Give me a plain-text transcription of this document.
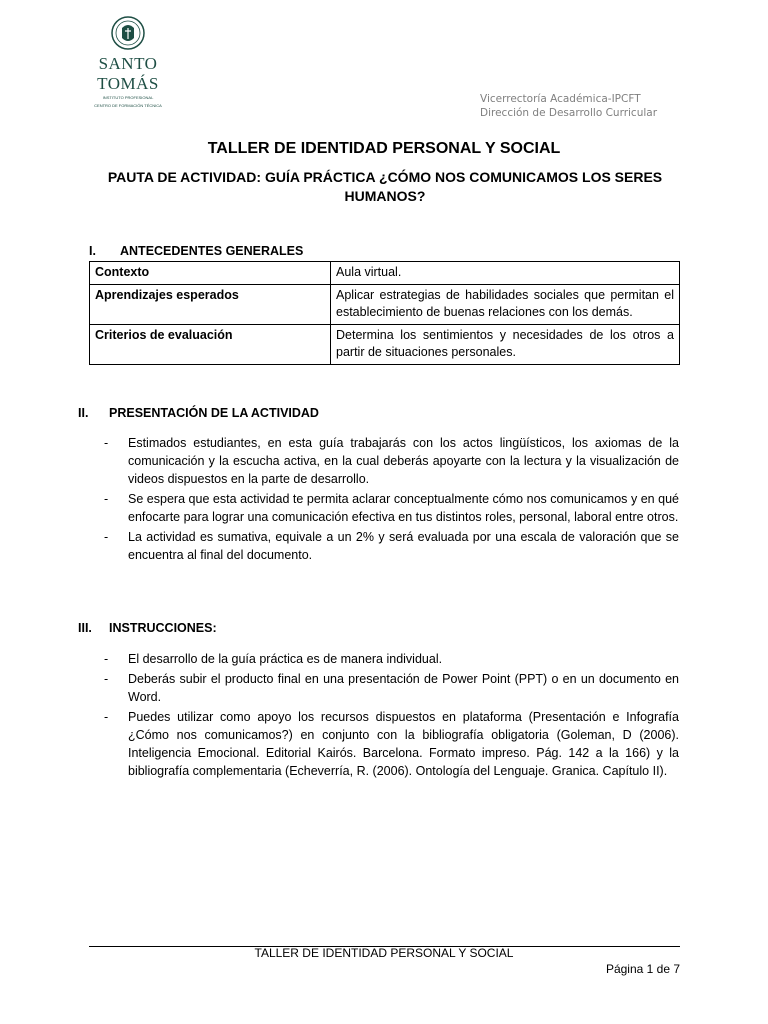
SANTO
TOMÁS
INSTITUTO PROFESIONAL
CENTRO DE FORMACIÓN TÉCNICA
Vicerrectoría Académica-IPCFT
Dirección de Desarrollo Curricular
TALLER DE IDENTIDAD PERSONAL Y SOCIAL
PAUTA DE ACTIVIDAD: GUÍA PRÁCTICA ¿CÓMO NOS COMUNICAMOS LOS SERES HUMANOS?
I. ANTECEDENTES GENERALES
Contexto	Aula virtual.
Aprendizajes esperados	Aplicar estrategias de habilidades sociales que permitan el establecimiento de buenas relaciones con los demás.
Criterios de evaluación	Determina los sentimientos y necesidades de los otros a partir de situaciones personales.
II. PRESENTACIÓN DE LA ACTIVIDAD
- Estimados estudiantes, en esta guía trabajarás con los actos lingüísticos, los axiomas de la comunicación y la escucha activa, en la cual deberás apoyarte con la lectura y la visualización de videos dispuestos en la parte de desarrollo.
- Se espera que esta actividad te permita aclarar conceptualmente cómo nos comunicamos y en qué enfocarte para lograr una comunicación efectiva en tus distintos roles, personal, laboral entre otros.
- La actividad es sumativa, equivale a un 2% y será evaluada por una escala de valoración que se encuentra al final del documento.
III. INSTRUCCIONES:
- El desarrollo de la guía práctica es de manera individual.
- Deberás subir el producto final en una presentación de Power Point (PPT) o en un documento en Word.
- Puedes utilizar como apoyo los recursos dispuestos en plataforma (Presentación e Infografía ¿Cómo nos comunicamos?) en conjunto con la bibliografía obligatoria (Goleman, D (2006). Inteligencia Emocional. Editorial Kairós. Barcelona. Formato impreso. Pág. 142 a la 166) y la bibliografía complementaria (Echeverría, R. (2006). Ontología del Lenguaje. Granica. Capítulo II).
TALLER DE IDENTIDAD PERSONAL Y SOCIAL
Página 1 de 7
